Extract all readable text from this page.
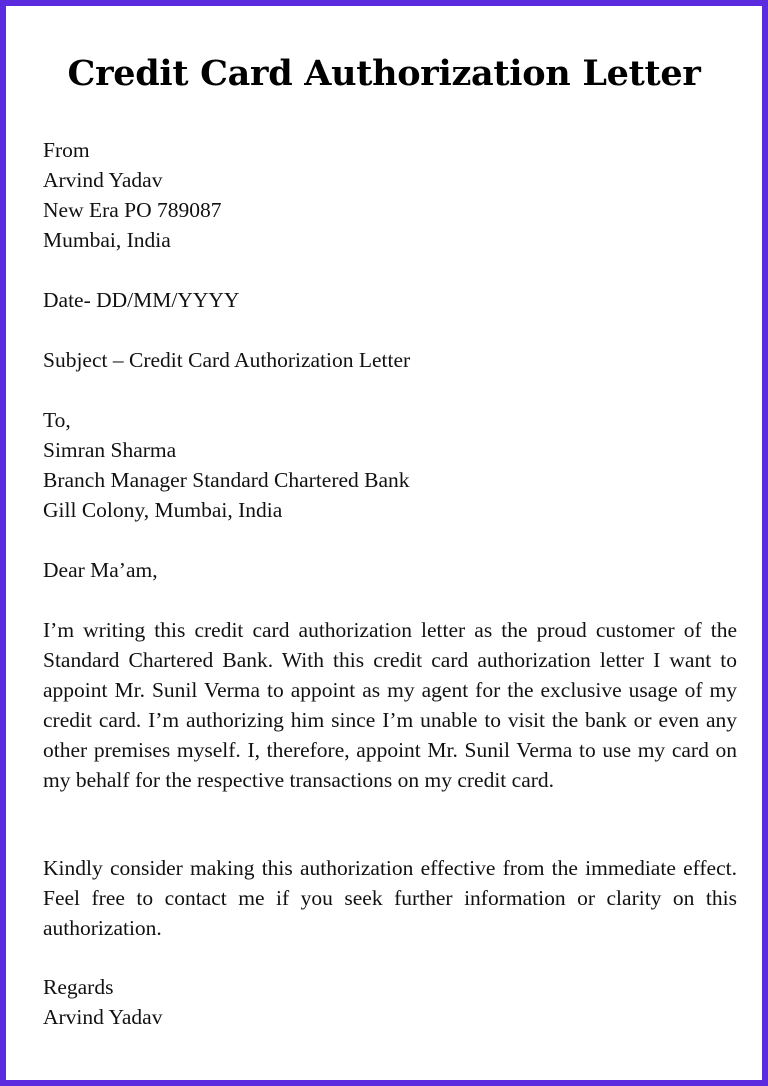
Credit Card Authorization Letter
From
Arvind Yadav
New Era PO 789087
Mumbai, India
Date- DD/MM/YYYY
Subject – Credit Card Authorization Letter
To,
Simran Sharma
Branch Manager Standard Chartered Bank
Gill Colony, Mumbai, India
Dear Ma’am,
I’m writing this credit card authorization letter as the proud customer of the Standard Chartered Bank. With this credit card authorization letter I want to appoint Mr. Sunil Verma to appoint as my agent for the exclusive usage of my credit card. I’m authorizing him since I’m unable to visit the bank or even any other premises myself. I, therefore, appoint Mr. Sunil Verma to use my card on my behalf for the respective transactions on my credit card.
Kindly consider making this authorization effective from the immediate effect. Feel free to contact me if you seek further information or clarity on this authorization.
Regards
Arvind Yadav
